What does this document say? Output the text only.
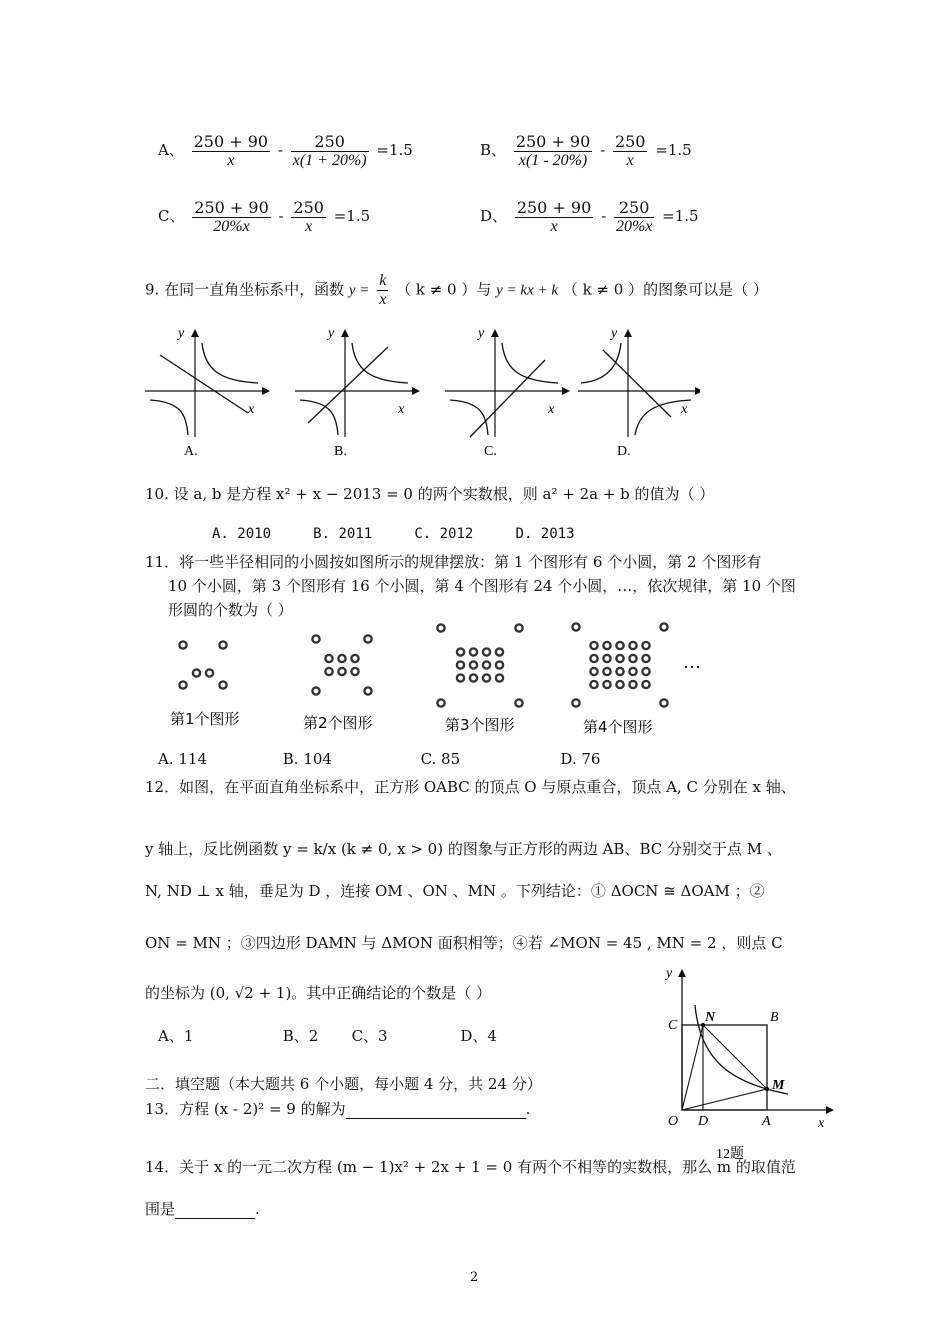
A、 $\frac{250 + 90}{x} - \frac{250}{x(1 + 20\%)} =1.5$	B、 $\frac{250 + 90}{x(1 - 20\%)} - \frac{250}{x} =1.5$
C、 $\frac{250 + 90}{20\%x} - \frac{250}{x} =1.5$	D、 $\frac{250 + 90}{x} - \frac{250}{20\%x} =1.5$
9. 在同一直角坐标系中，函数 $y = \frac{k}{x}$ （ k ≠ 0 ）与 y = kx + k （ k ≠ 0 ）的图象可以是（ ）
y
x
A.
y
x
B.
y
x
C.
y
x
D.
10. 设 a, b 是方程 x² + x − 2013 = 0 的两个实数根，则 a² + 2a + b 的值为（ ）
A. 2010	B. 2011	C. 2012	D. 2013
11．将一些半径相同的小圆按如图所示的规律摆放：第 1 个图形有 6 个小圆，第 2 个图形有
10 个小圆，第 3 个图形有 16 个小圆，第 4 个图形有 24 个小圆，…，依次规律，第 10 个图
形圆的个数为（ ）
第1个图形	第2个图形	第3个图形	第4个图形
…
A. 114	B. 104	C. 85	D. 76
12．如图，在平面直角坐标系中，正方形 OABC 的顶点 O 与原点重合，顶点 A, C 分别在 x 轴、
y 轴上，反比例函数 y = k/x (k ≠ 0, x > 0) 的图象与正方形的两边 AB、BC 分别交于点 M 、
N, ND ⊥ x 轴，垂足为 D ，连接 OM 、ON 、MN 。下列结论：① ΔOCN ≅ ΔOAM ；②
ON = MN ；③四边形 DAMN 与 ΔMON 面积相等；④若 ∠MON = 45 , MN = 2 ，则点 C
的坐标为 (0, √2 + 1)。其中正确结论的个数是（ ）
A、1	B、2 C、3	D、4
C
N	B
M
O D	A	x
y
12题
二．填空题（本大题共 6 个小题，每小题 4 分，共 24 分）
13．方程 (x - 2)² = 9 的解为	.
14．关于 x 的一元二次方程 (m − 1)x² + 2x + 1 = 0 有两个不相等的实数根，那么 m 的取值范
围是	.
2
